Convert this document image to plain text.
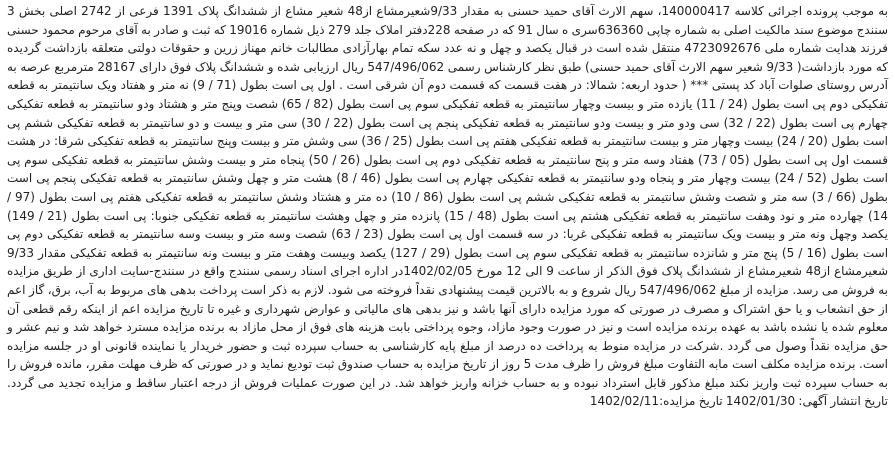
به موجب پرونده اجرائی کلاسه 140000417، سهم الارث آقای حمید حسنی به مقدار 9/33شعیرمشاع از48 شعیر مشاع از ششدانگ پلاک 1391 فرعی از 2742 اصلی بخش 3 سنندج موضوع سند مالکیت اصلی به شماره چاپی 636360سری ه سال 91 که در صفحه 228دفتر املاک جلد 279 ذیل شماره 19016 که ثبت و صادر به آقای مرحوم محمود حسنی فرزند هدایت شماره ملی 4723092676 منتقل شده است در قبال یکصد و چهل و نه عدد سکه تمام بهارآزادی مطالبات خانم مهناز زرین و حقوقات دولتی متعلقه بازداشت گردیده که مورد بازداشت( 9/33 شعیر سهم الارث آقای حمید حسنی) طبق نظر کارشناس رسمی 547/496/062 ریال ارزیابی شده و ششدانگ پلاک فوق دارای 28167 مترمربع عرصه به آدرس روستای صلوات آباد کد پستی *** ( حدود اربعه: شمالا: در هفت قسمت که قسمت دوم آن شرقی است . اول پی است بطول (71 / 9) نه متر و هفتاد ویک سانتیمتر به قطعه تفکیکی دوم پی است بطول (24 / 11) یازده متر و بیست وچهار سانتیمتر به قطعه تفکیکی سوم پی است بطول (82 / 65) شصت وپنج متر و هشتاد ودو سانتیمتر به قطعه تفکیکی چهارم پی است بطول (22 / 32) سی ودو متر و بیست ودو سانتیمتر به قطعه تفکیکی پنجم پی است بطول (22 / 30) سی متر و بیست و دو سانتیمتر به قطعه تفکیکی ششم پی است بطول (20 / 24) بیست وچهار متر و بیست سانتیمتر به قطعه تفکیکی هفتم پی است بطول (25 / 36) سی وشش متر و بیست وپنج سانتیمتر به قطعه تفکیکی شرقا: در هشت قسمت اول پی است بطول (05 / 73) هفتاد وسه متر و پنج سانتیمتر به قطعه تفکیکی دوم پی است بطول (26 / 50) پنجاه متر و بیست وشش سانتیمتر به قطعه تفکیکی سوم پی است بطول (52 / 24) بیست وچهار متر و پنجاه ودو سانتیمتر به قطعه تفکیکی چهارم پی است بطول (46 / 8) هشت متر و چهل وشش سانتیمتر به قطعه تفکیکی پنجم پی است بطول (66 / 3) سه متر و شصت وشش سانتیمتر به قطعه تفکیکی ششم پی است بطول (86 / 10) ده متر و هشتاد وشش سانتیمتر به قطعه تفکیکی هفتم پی است بطول (97 / 14) چهارده متر و نود وهفت سانتیمتر به قطعه تفکیکی هشتم پی است بطول (48 / 15) پانزده متر و چهل وهشت سانتیمتر به قطعه تفکیکی جنوبا: پی است بطول (21 / 149) یکصد وچهل ونه متر و بیست ویک سانتیمتر به قطعه تفکیکی غربا: در سه قسمت اول پی است بطول (23 / 63) شصت وسه متر و بیست وسه سانتیمتر به قطعه تفکیکی دوم پی است بطول (16 / 5) پنج متر و شانزده سانتیمتر به قطعه تفکیکی سوم پی است بطول (29 / 127) یکصد وبیست وهفت متر و بیست ونه سانتیمتر به قطعه تفکیکی مقدار 9/33 شعیرمشاع از48 شعیرمشاع از ششدانگ پلاک فوق الذکر از ساعت 9 الی 12 مورخ 1402/02/05در اداره اجرای اسناد رسمی سنندج واقع در سنندج-سایت اداری از طریق مزایده به فروش می رسد. مزایده از مبلغ 547/496/062 ریال شروع و به بالاترین قیمت پیشنهادی نقداً فروخته می شود. لازم به ذکر است پرداخت بدهی های مربوط به آب، برق، گاز اعم از حق انشعاب و یا حق اشتراک و مصرف در صورتی که مورد مزایده دارای آنها باشد و نیز بدهی های مالیاتی و عوارض شهرداری و غیره تا تاریخ مزایده اعم از اینکه رقم قطعی آن معلوم شده یا نشده باشد به عهده برنده مزایده است و نیز در صورت وجود مازاد، وجوه پرداختی بابت هزینه های فوق از محل مازاد به برنده مزایده مسترد خواهد شد و نیم عشر و حق مزایده نقداً وصول می گردد .شرکت در مزایده منوط به پرداخت ده درصد از مبلغ پایه کارشناسی به حساب سپرده ثبت و حضور خریدار یا نماینده قانونی او در جلسه مزایده است. برنده مزایده مکلف است مابه التفاوت مبلغ فروش را ظرف مدت 5 روز از تاریخ مزایده به حساب صندوق ثبت توديع نمايد و در صورتی که ظرف مهلت مقرر، مانده فروش را به حساب سپرده ثبت واریز نکند مبلغ مذکور قابل استرداد نبوده و به حساب خزانه واریز خواهد شد. در این صورت عملیات فروش از درجه اعتبار ساقط و مزایده تجدید می گردد. تاریخ انتشار آگهی: 1402/01/30 تاریخ مزایده:1402/02/11
